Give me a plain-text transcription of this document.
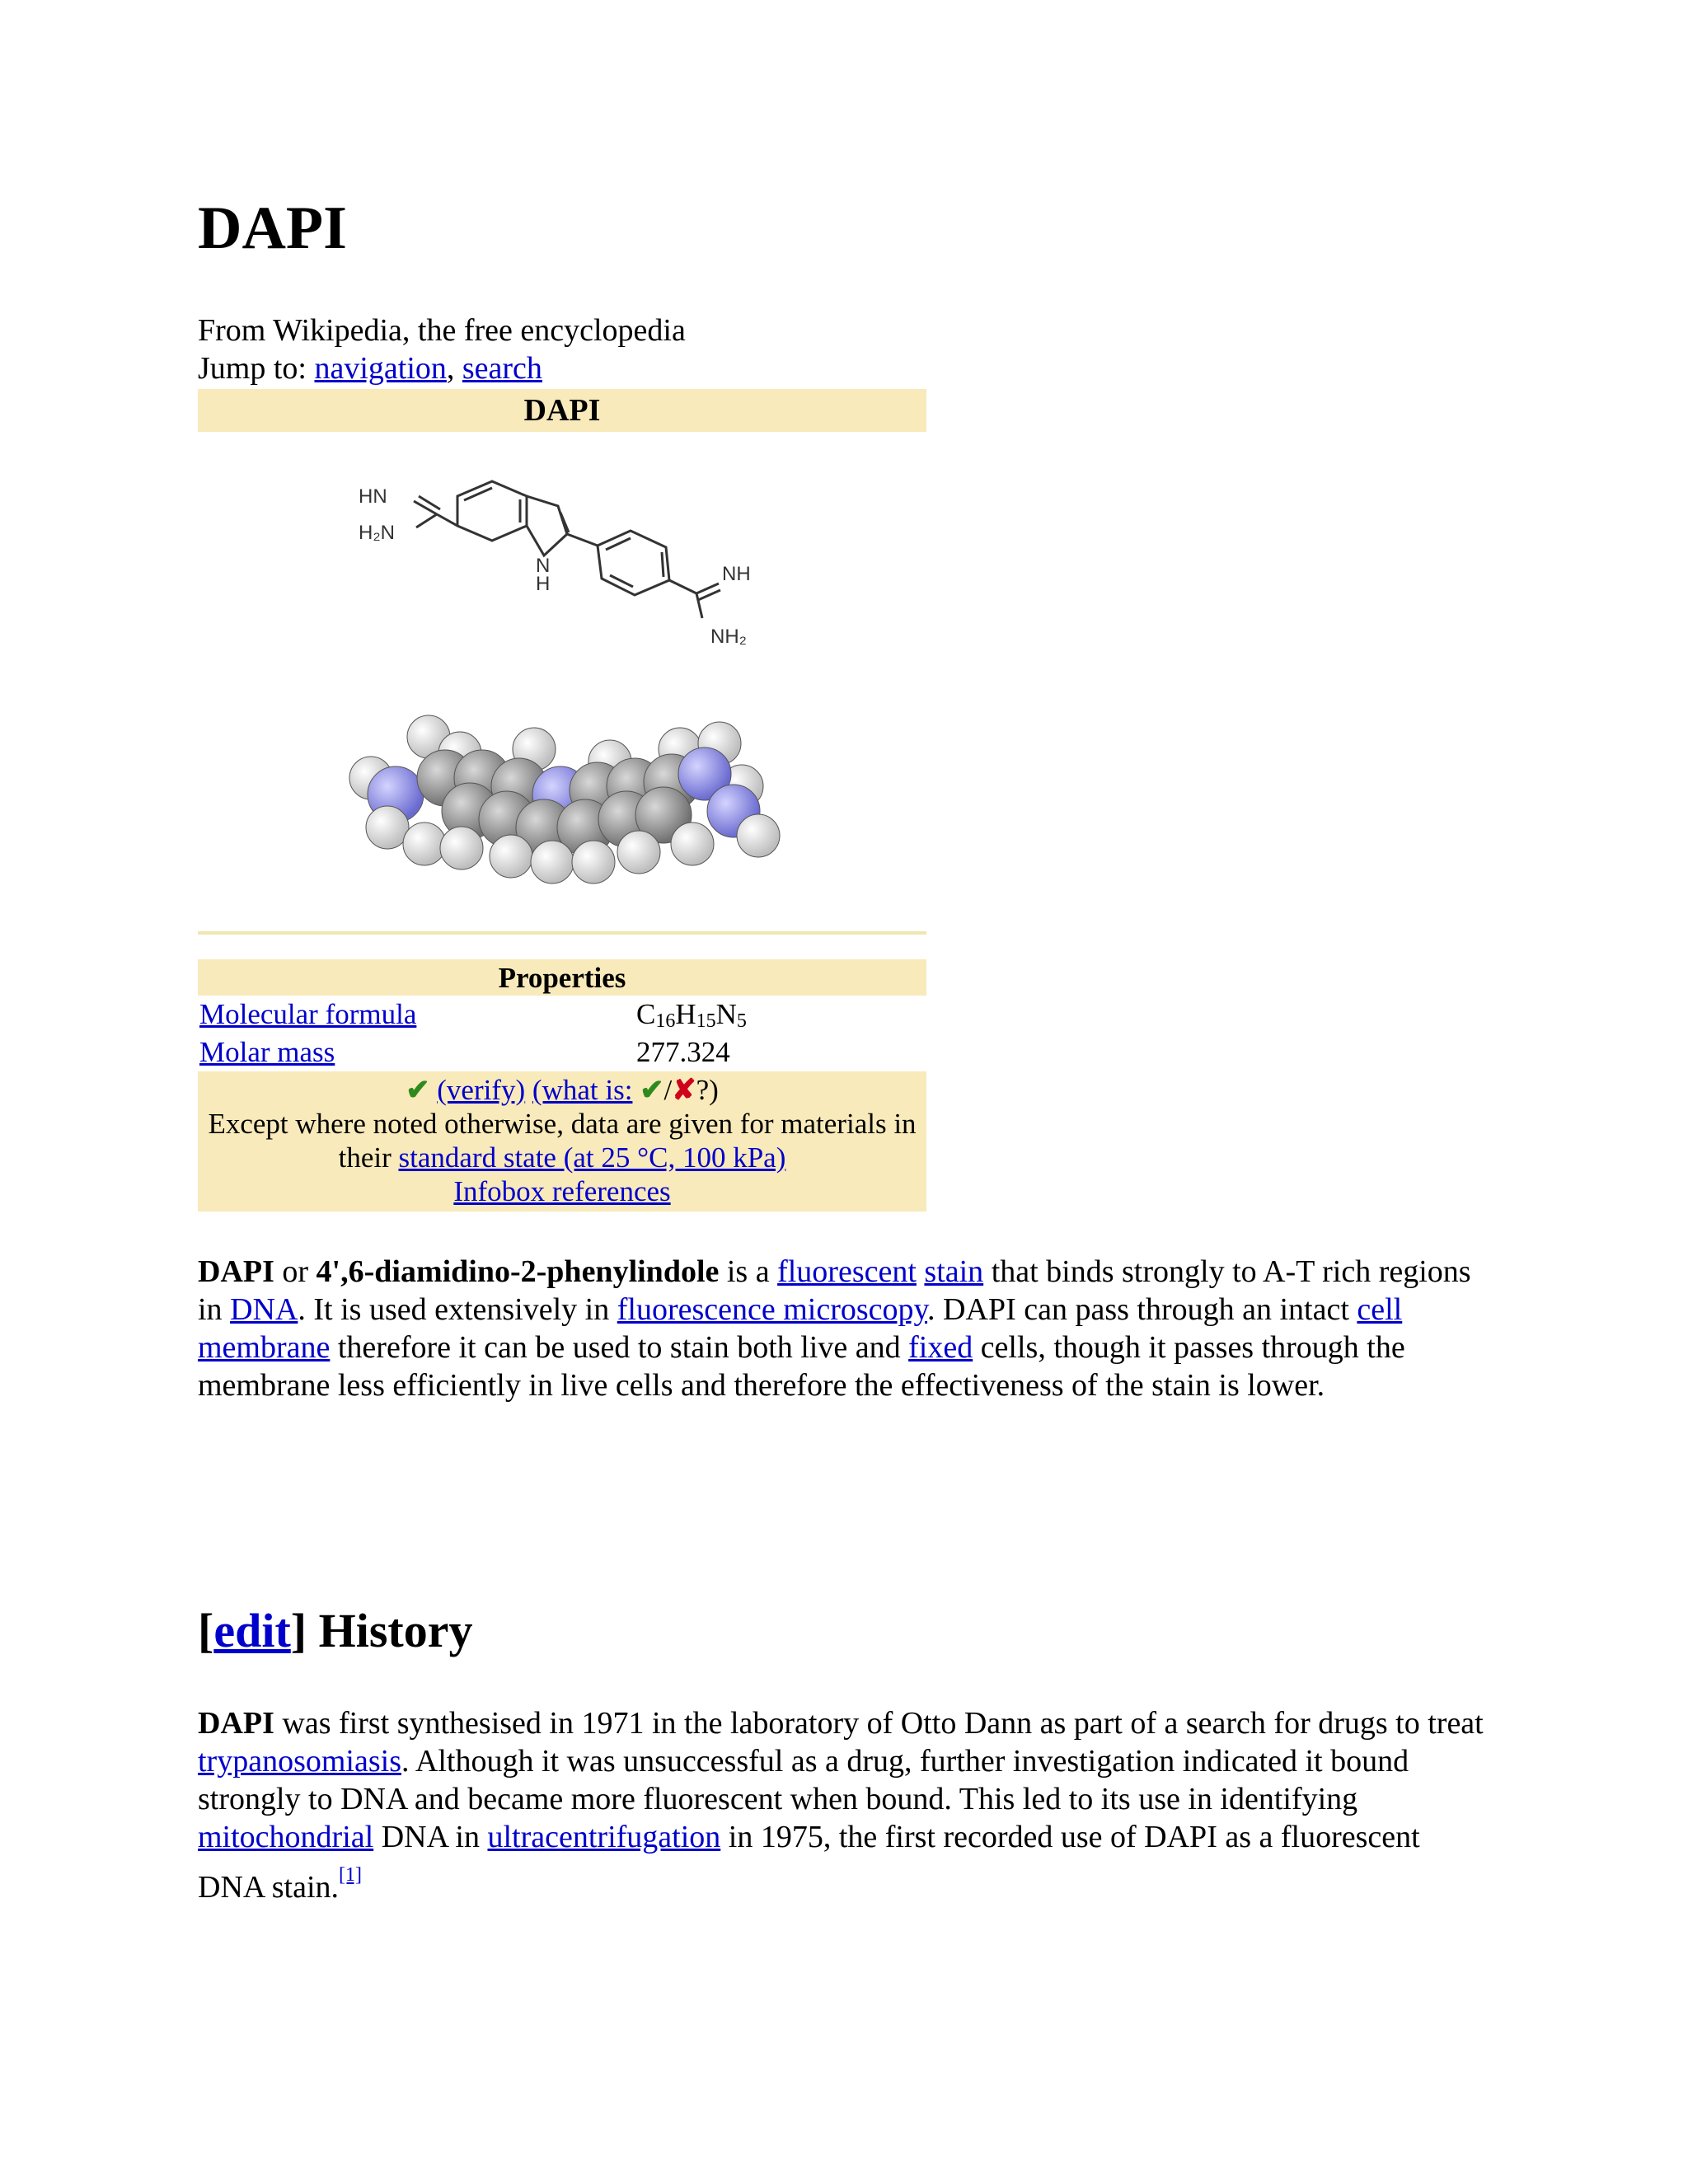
DAPI
From Wikipedia, the free encyclopedia
Jump to: navigation, search
DAPI
HN
H₂N
N
H	NH
NH₂
Properties
Molecular formula	$C_{16}H_{15}N_5$
Molar mass	277.324
✔ (verify) (what is: ✔/✘?)
Except where noted otherwise, data are given for materials in
their standard state (at 25 °C, 100 kPa)
Infobox references
DAPI or 4',6-diamidino-2-phenylindole is a fluorescent stain that binds strongly to A-T rich regions in DNA. It is used extensively in fluorescence microscopy. DAPI can pass through an intact cell membrane therefore it can be used to stain both live and fixed cells, though it passes through the membrane less efficiently in live cells and therefore the effectiveness of the stain is lower.
[edit] History
DAPI was first synthesised in 1971 in the laboratory of Otto Dann as part of a search for drugs to treat trypanosomiasis. Although it was unsuccessful as a drug, further investigation indicated it bound strongly to DNA and became more fluorescent when bound. This led to its use in identifying mitochondrial DNA in ultracentrifugation in 1975, the first recorded use of DAPI as a fluorescent DNA stain.[1]
